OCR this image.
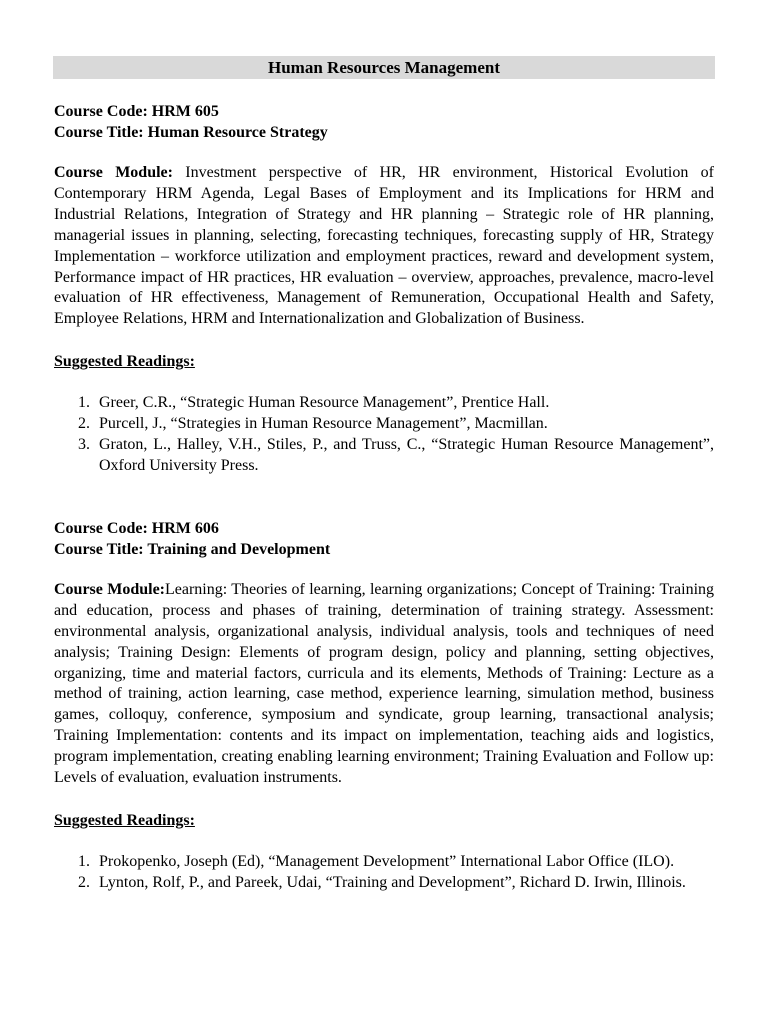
Human Resources Management
Course Code: HRM 605
Course Title: Human Resource Strategy
Course Module: Investment perspective of HR, HR environment, Historical Evolution of Contemporary HRM Agenda, Legal Bases of Employment and its Implications for HRM and Industrial Relations, Integration of Strategy and HR planning – Strategic role of HR planning, managerial issues in planning, selecting, forecasting techniques, forecasting supply of HR, Strategy Implementation – workforce utilization and employment practices, reward and development system, Performance impact of HR practices, HR evaluation – overview, approaches, prevalence, macro-level evaluation of HR effectiveness, Management of Remuneration, Occupational Health and Safety, Employee Relations, HRM and Internationalization and Globalization of Business.
Suggested Readings:
1. Greer, C.R., “Strategic Human Resource Management”, Prentice Hall.
2. Purcell, J., “Strategies in Human Resource Management”, Macmillan.
3. Graton, L., Halley, V.H., Stiles, P., and Truss, C., “Strategic Human Resource Management”, Oxford University Press.
Course Code: HRM 606
Course Title: Training and Development
Course Module:Learning: Theories of learning, learning organizations; Concept of Training: Training and education, process and phases of training, determination of training strategy. Assessment: environmental analysis, organizational analysis, individual analysis, tools and techniques of need analysis; Training Design: Elements of program design, policy and planning, setting objectives, organizing, time and material factors, curricula and its elements, Methods of Training: Lecture as a method of training, action learning, case method, experience learning, simulation method, business games, colloquy, conference, symposium and syndicate, group learning, transactional analysis; Training Implementation: contents and its impact on implementation, teaching aids and logistics, program implementation, creating enabling learning environment; Training Evaluation and Follow up: Levels of evaluation, evaluation instruments.
Suggested Readings:
1. Prokopenko, Joseph (Ed), “Management Development” International Labor Office (ILO).
2. Lynton, Rolf, P., and Pareek, Udai, “Training and Development”, Richard D. Irwin, Illinois.
